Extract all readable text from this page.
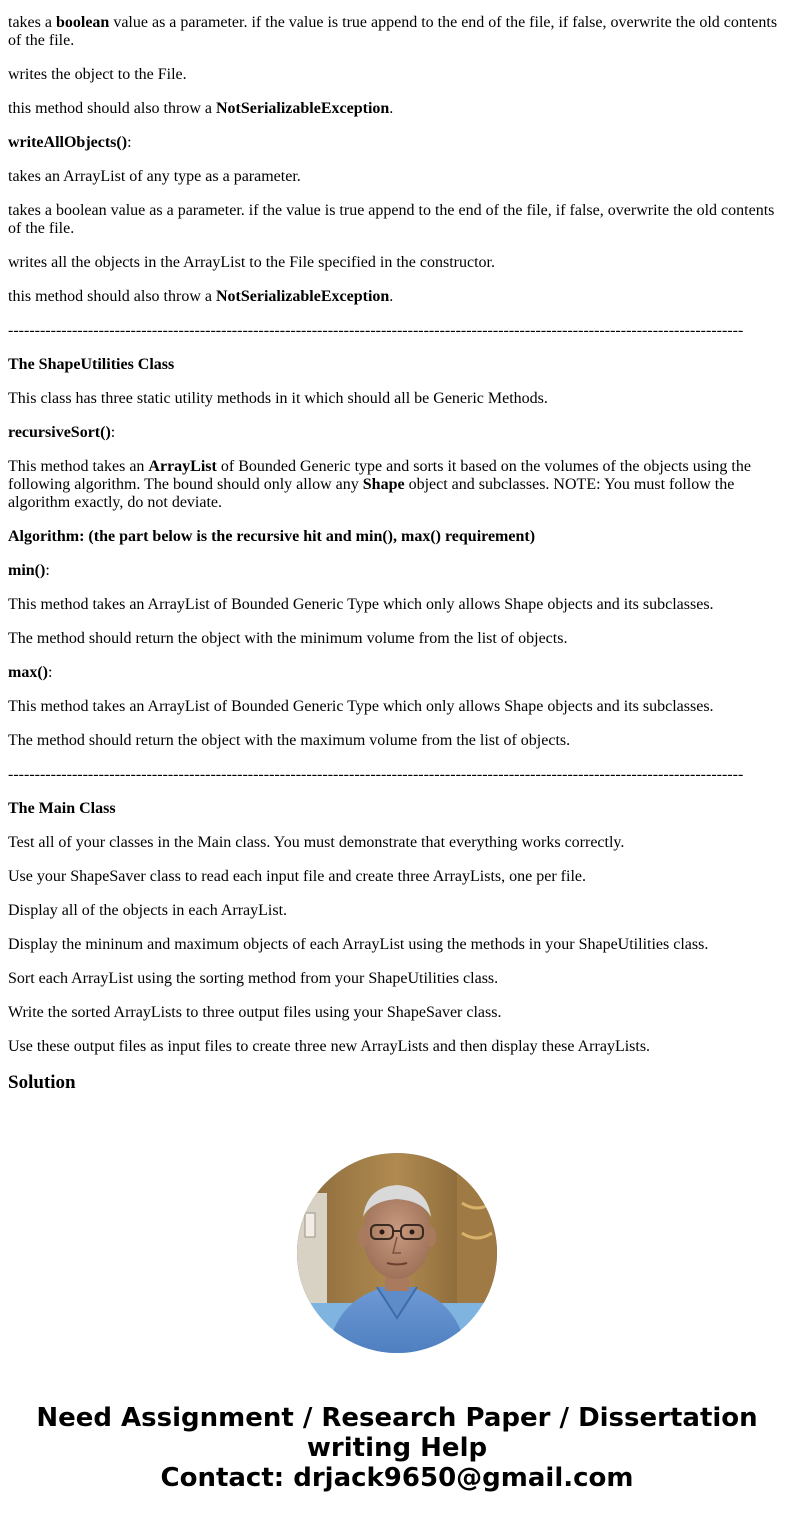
takes a boolean value as a parameter. if the value is true append to the end of the file, if false, overwrite the old contents of the file.
writes the object to the File.
this method should also throw a NotSerializableException.
writeAllObjects():
takes an ArrayList of any type as a parameter.
takes a boolean value as a parameter. if the value is true append to the end of the file, if false, overwrite the old contents of the file.
writes all the objects in the ArrayList to the File specified in the constructor.
this method should also throw a NotSerializableException.
------------------------------------------------------------------------------------------------------------------------------------------
The ShapeUtilities Class
This class has three static utility methods in it which should all be Generic Methods.
recursiveSort():
This method takes an ArrayList of Bounded Generic type and sorts it based on the volumes of the objects using the following algorithm. The bound should only allow any Shape object and subclasses. NOTE: You must follow the algorithm exactly, do not deviate.
Algorithm: (the part below is the recursive hit and min(), max() requirement)
min():
This method takes an ArrayList of Bounded Generic Type which only allows Shape objects and its subclasses.
The method should return the object with the minimum volume from the list of objects.
max():
This method takes an ArrayList of Bounded Generic Type which only allows Shape objects and its subclasses.
The method should return the object with the maximum volume from the list of objects.
------------------------------------------------------------------------------------------------------------------------------------------
The Main Class
Test all of your classes in the Main class. You must demonstrate that everything works correctly.
Use your ShapeSaver class to read each input file and create three ArrayLists, one per file.
Display all of the objects in each ArrayList.
Display the mininum and maximum objects of each ArrayList using the methods in your ShapeUtilities class.
Sort each ArrayList using the sorting method from your ShapeUtilities class.
Write the sorted ArrayLists to three output files using your ShapeSaver class.
Use these output files as input files to create three new ArrayLists and then display these ArrayLists.
Solution
Need Assignment / Research Paper / Dissertation
writing Help
Contact: drjack9650@gmail.com
